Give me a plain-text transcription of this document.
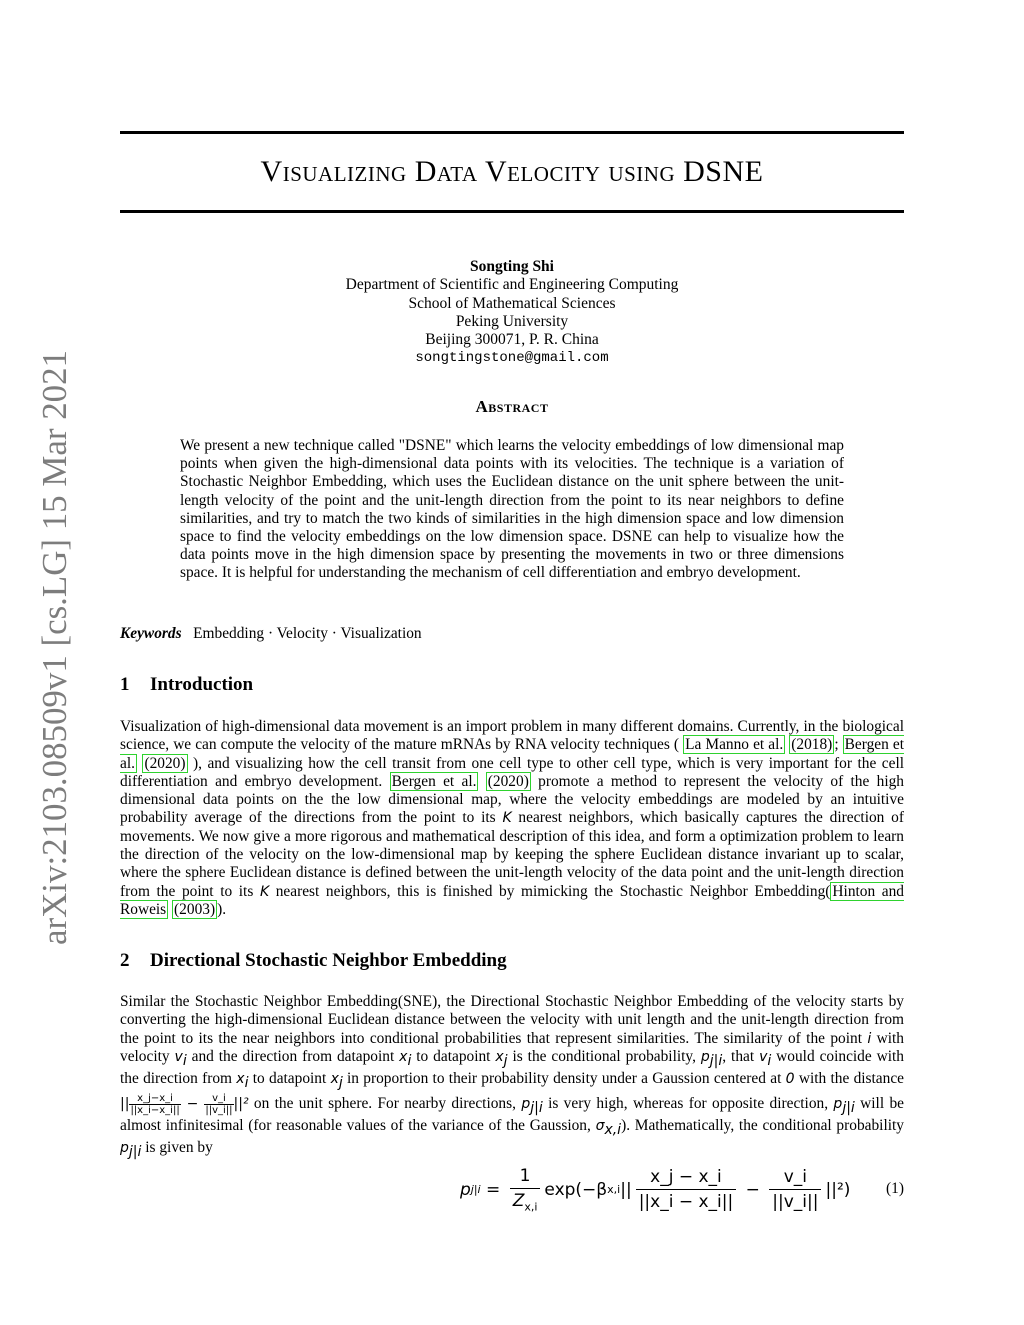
arXiv:2103.08509v1 [cs.LG] 15 Mar 2021
Visualizing Data Velocity using DSNE
Songting Shi
Department of Scientific and Engineering Computing
School of Mathematical Sciences
Peking University
Beijing 300071, P. R. China
songtingstone@gmail.com
Abstract
We present a new technique called "DSNE" which learns the velocity embeddings of low dimensional map points when given the high-dimensional data points with its velocities. The technique is a variation of Stochastic Neighbor Embedding, which uses the Euclidean distance on the unit sphere between the unit-length velocity of the point and the unit-length direction from the point to its near neighbors to define similarities, and try to match the two kinds of similarities in the high dimension space and low dimension space to find the velocity embeddings on the low dimension space. DSNE can help to visualize how the data points move in the high dimension space by presenting the movements in two or three dimensions space. It is helpful for understanding the mechanism of cell differentiation and embryo development.
Keywords Embedding · Velocity · Visualization
1 Introduction
Visualization of high-dimensional data movement is an import problem in many different domains. Currently, in the biological science, we can compute the velocity of the mature mRNAs by RNA velocity techniques ( La Manno et al. (2018) ; Bergen et al. (2020) ), and visualizing how the cell transit from one cell type to other cell type, which is very important for the cell differentiation and embryo development. Bergen et al. (2020) promote a method to represent the velocity of the high dimensional data points on the the low dimensional map, where the velocity embeddings are modeled by an intuitive probability average of the directions from the point to its K nearest neighbors, which basically captures the direction of movements. We now give a more rigorous and mathematical description of this idea, and form a optimization problem to learn the direction of the velocity on the low-dimensional map by keeping the sphere Euclidean distance invariant up to scalar, where the sphere Euclidean distance is defined between the unit-length velocity of the data point and the unit-length direction from the point to its K nearest neighbors, this is finished by mimicking the Stochastic Neighbor Embedding( Hinton and Roweis (2003) ).
2 Directional Stochastic Neighbor Embedding
Similar the Stochastic Neighbor Embedding(SNE), the Directional Stochastic Neighbor Embedding of the velocity starts by converting the high-dimensional Euclidean distance between the velocity with unit length and the unit-length direction from the point to its the near neighbors into conditional probabilities that represent similarities. The similarity of the point i with velocity $v_i$ and the direction from datapoint $x_i$ to datapoint $x_j$ is the conditional probability, $p_{j|i}$, that $v_i$ would coincide with the direction from $x_i$ to datapoint $x_j$ in proportion to their probability density under a Gaussion centered at 0 with the distance || $\frac{x\_j-x\_i}{||x\_i-x\_i||} - \frac{v\_i}{||v\_i||} ||^2$ on the unit sphere. For nearby directions, $p_{j|i}$ is very high, whereas for opposite direction, $p_{j|i}$ will be almost infinitesimal (for reasonable values of the variance of the Gaussion, $\sigma_{x,i}$). Mathematically, the conditional probability $p_{j|i}$ is given by
p $j|i = \frac{1}{Z_{x,i}} \exp(-\beta$ x,i || $\frac{x\_j - x\_i}{||x\_i - x\_i||} - \frac{v\_i}{||v\_i||} ||^2$) (1)
